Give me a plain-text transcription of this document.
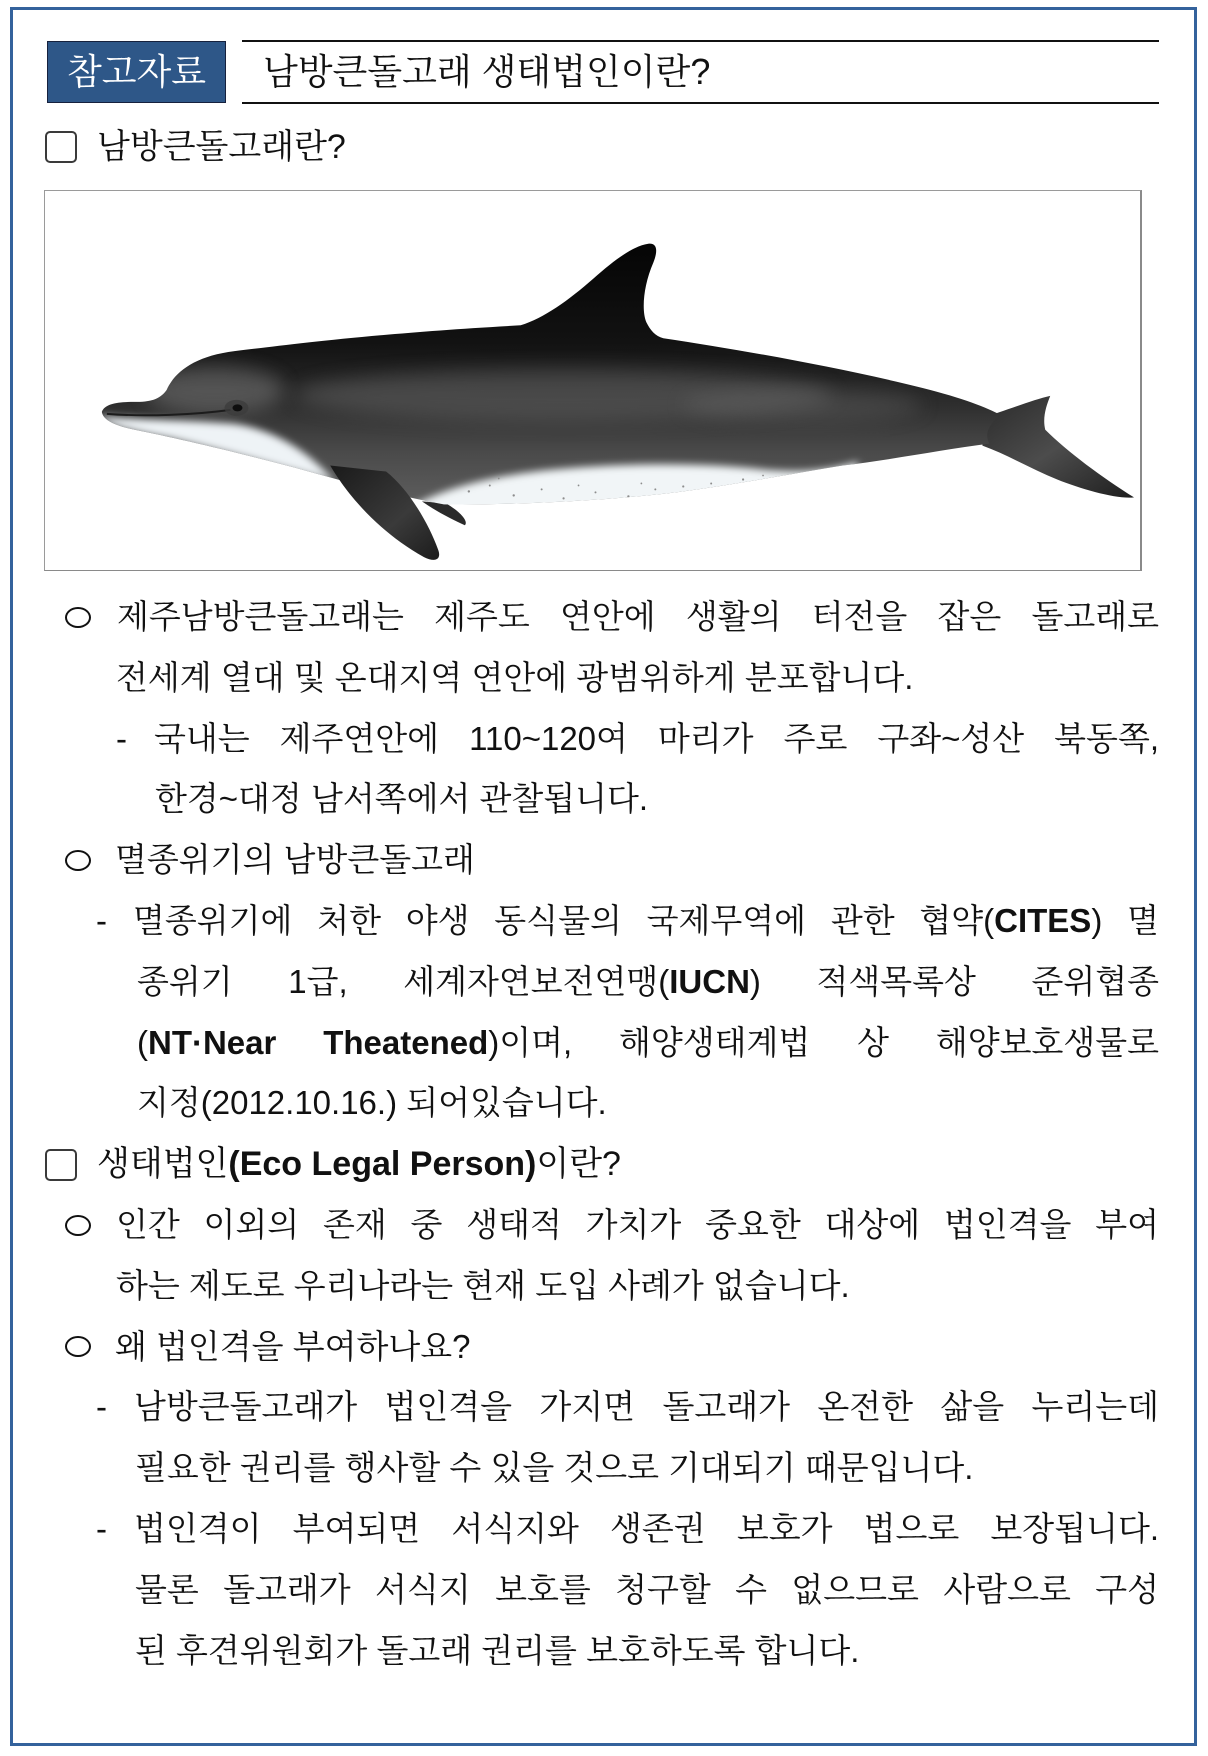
참고자료	남방큰돌고래 생태법인이란?
남방큰돌고래란?
제주남방큰돌고래는 제주도 연안에 생활의 터전을 잡은 돌고래로
전세계 열대 및 온대지역 연안에 광범위하게 분포합니다.
- 국내는 제주연안에 110~120여 마리가 주로 구좌~성산 북동쪽,
한경~대정 남서쪽에서 관찰됩니다.
멸종위기의 남방큰돌고래
- 멸종위기에 처한 야생 동식물의 국제무역에 관한 협약(CITES) 멸
종위기 1급, 세계자연보전연맹(IUCN) 적색목록상 준위협종
(NT·Near Theatened)이며, 해양생태계법 상 해양보호생물로
지정(2012.10.16.) 되어있습니다.
생태법인(Eco Legal Person)이란?
인간 이외의 존재 중 생태적 가치가 중요한 대상에 법인격을 부여
하는 제도로 우리나라는 현재 도입 사례가 없습니다.
왜 법인격을 부여하나요?
- 남방큰돌고래가 법인격을 가지면 돌고래가 온전한 삶을 누리는데
필요한 권리를 행사할 수 있을 것으로 기대되기 때문입니다.
- 법인격이 부여되면 서식지와 생존권 보호가 법으로 보장됩니다.
물론 돌고래가 서식지 보호를 청구할 수 없으므로 사람으로 구성
된 후견위원회가 돌고래 권리를 보호하도록 합니다.
